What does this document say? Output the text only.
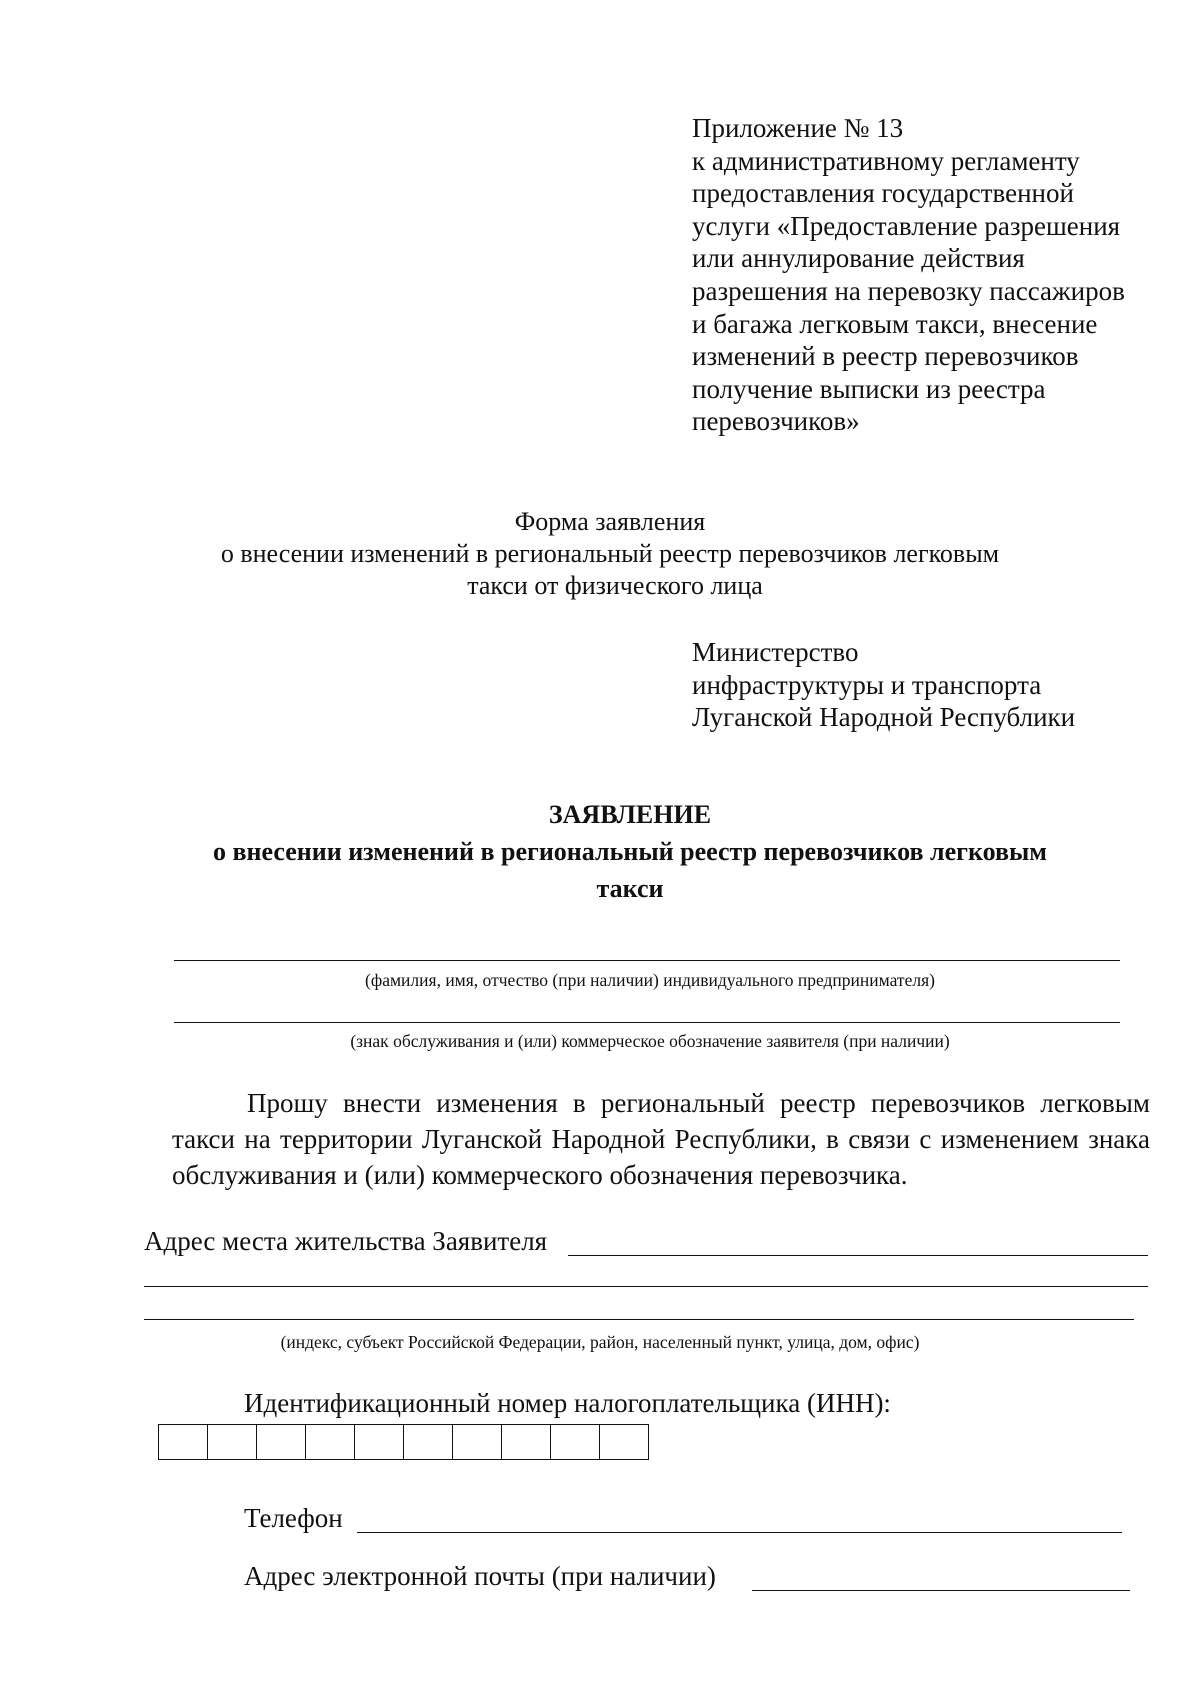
Приложение № 13
к административному регламенту
предоставления государственной
услуги «Предоставление разрешения
или аннулирование действия
разрешения на перевозку пассажиров
и багажа легковым такси, внесение
изменений в реестр перевозчиков
получение выписки из реестра
перевозчиков»
Форма заявления
о внесении изменений в региональный реестр перевозчиков легковым
такси от физического лица
Министерство
инфраструктуры и транспорта
Луганской Народной Республики
ЗАЯВЛЕНИЕ
о внесении изменений в региональный реестр перевозчиков легковым
такси
(фамилия, имя, отчество (при наличии) индивидуального предпринимателя)
(знак обслуживания и (или) коммерческое обозначение заявителя (при наличии)

Прошу внести изменения в региональный реестр перевозчиков легковым такси на территории Луганской Народной Республики, в связи с изменением знака обслуживания и (или) коммерческого обозначения перевозчика.

Адрес места жительства Заявителя
(индекс, субъект Российской Федерации, район, населенный пункт, улица, дом, офис)
Идентификационный номер налогоплательщика (ИНН):
Телефон
Адрес электронной почты (при наличии)
